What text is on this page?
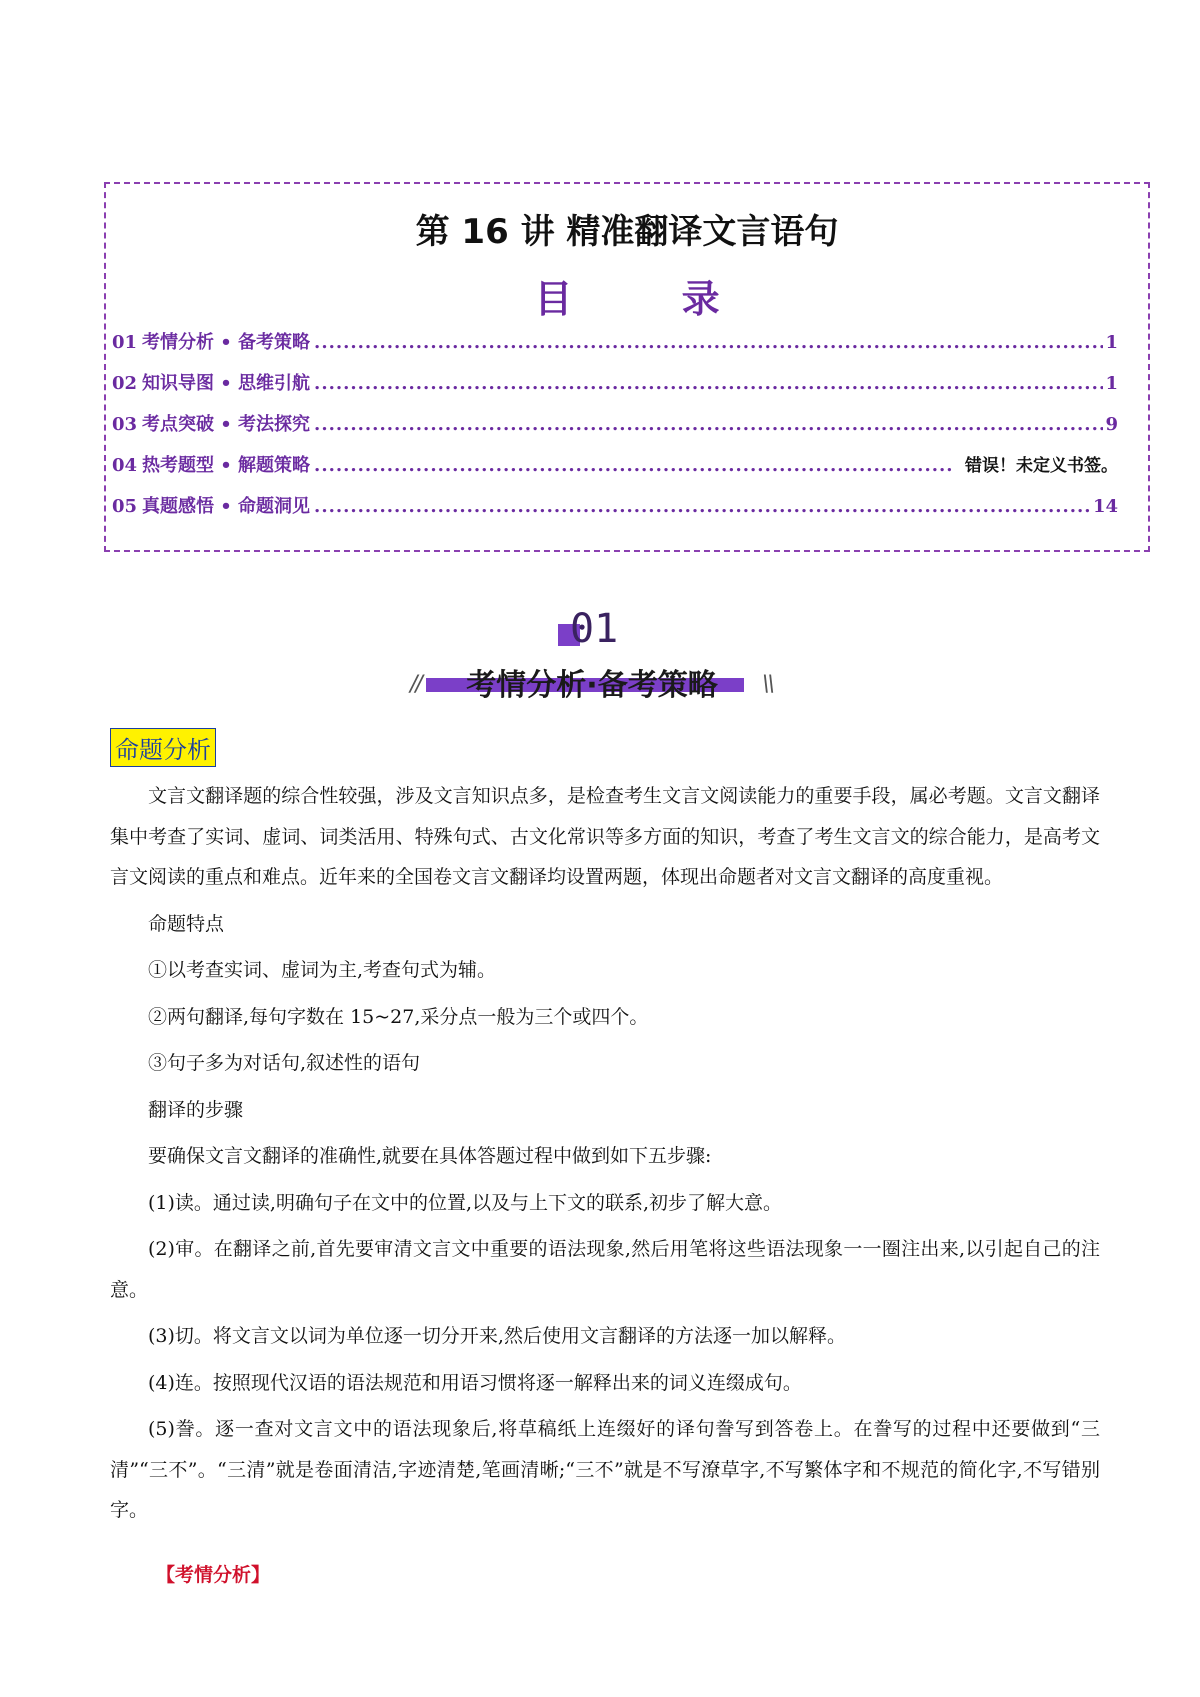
第 16 讲 精准翻译文言语句
目 录
01 考情分析 • 备考策略 .....	1
02 知识导图 • 思维引航 .....	1
03 考点突破 • 考法探究 .....	9
04 热考题型 • 解题策略 .....	错误！未定义书签。
05 真题感悟 • 命题洞见 .....	14
01
//	考情分析·备考策略	\\
命题分析

文言文翻译题的综合性较强，涉及文言知识点多，是检查考生文言文阅读能力的重要手段，属必考题。文言文翻译集中考查了实词、虚词、词类活用、特殊句式、古文化常识等多方面的知识，考查了考生文言文的综合能力，是高考文言文阅读的重点和难点。近年来的全国卷文言文翻译均设置两题，体现出命题者对文言文翻译的高度重视。

命题特点

①以考查实词、虚词为主,考查句式为辅。

②两句翻译,每句字数在 15~27,采分点一般为三个或四个。

③句子多为对话句,叙述性的语句

翻译的步骤

要确保文言文翻译的准确性,就要在具体答题过程中做到如下五步骤:

(1)读。通过读,明确句子在文中的位置,以及与上下文的联系,初步了解大意。

(2)审。在翻译之前,首先要审清文言文中重要的语法现象,然后用笔将这些语法现象一一圈注出来,以引起自己的注意。

(3)切。将文言文以词为单位逐一切分开来,然后使用文言翻译的方法逐一加以解释。

(4)连。按照现代汉语的语法规范和用语习惯将逐一解释出来的词义连缀成句。

(5)誊。逐一查对文言文中的语法现象后,将草稿纸上连缀好的译句誊写到答卷上。在誊写的过程中还要做到“三清”“三不”。“三清”就是卷面清洁,字迹清楚,笔画清晰;“三不”就是不写潦草字,不写繁体字和不规范的简化字,不写错别字。

【考情分析】
